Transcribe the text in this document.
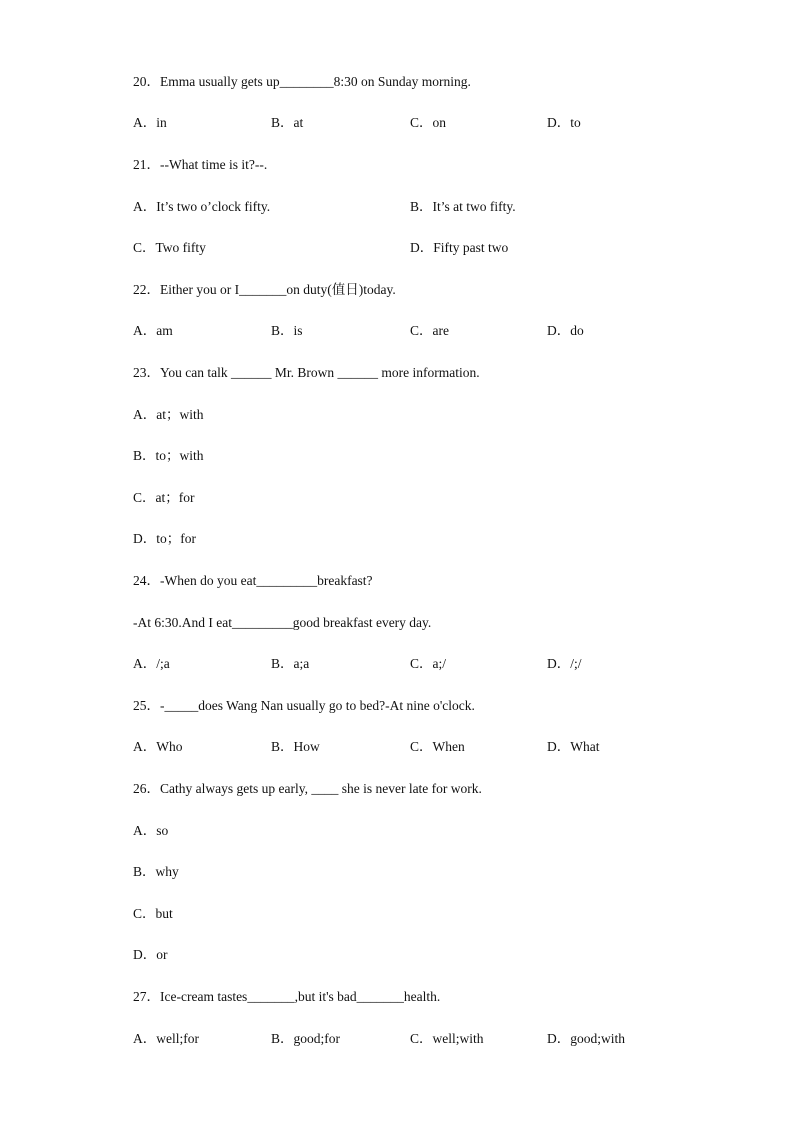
20．Emma usually gets up________8:30 on Sunday morning.
A．in	B．at	C．on	D．to
21．--What time is it?--.
A．It’s two o’clock fifty.	B．It’s at two fifty.
C．Two fifty	D．Fifty past two
22．Either you or I_______on duty(值日)today.
A．am	B．is	C．are	D．do
23．You can talk ______ Mr. Brown ______ more information.
A．at；with
B．to；with
C．at；for
D．to；for
24．-When do you eat_________breakfast?
-At 6:30.And I eat_________good breakfast every day.
A．/;a	B．a;a	C．a;/	D．/;/
25．-_____does Wang Nan usually go to bed?-At nine o'clock.
A．Who	B．How	C．When	D．What
26．Cathy always gets up early, ____ she is never late for work.
A．so
B．why
C．but
D．or
27．Ice-cream tastes_______,but it's bad_______health.
A．well;for	B．good;for	C．well;with	D．good;with
